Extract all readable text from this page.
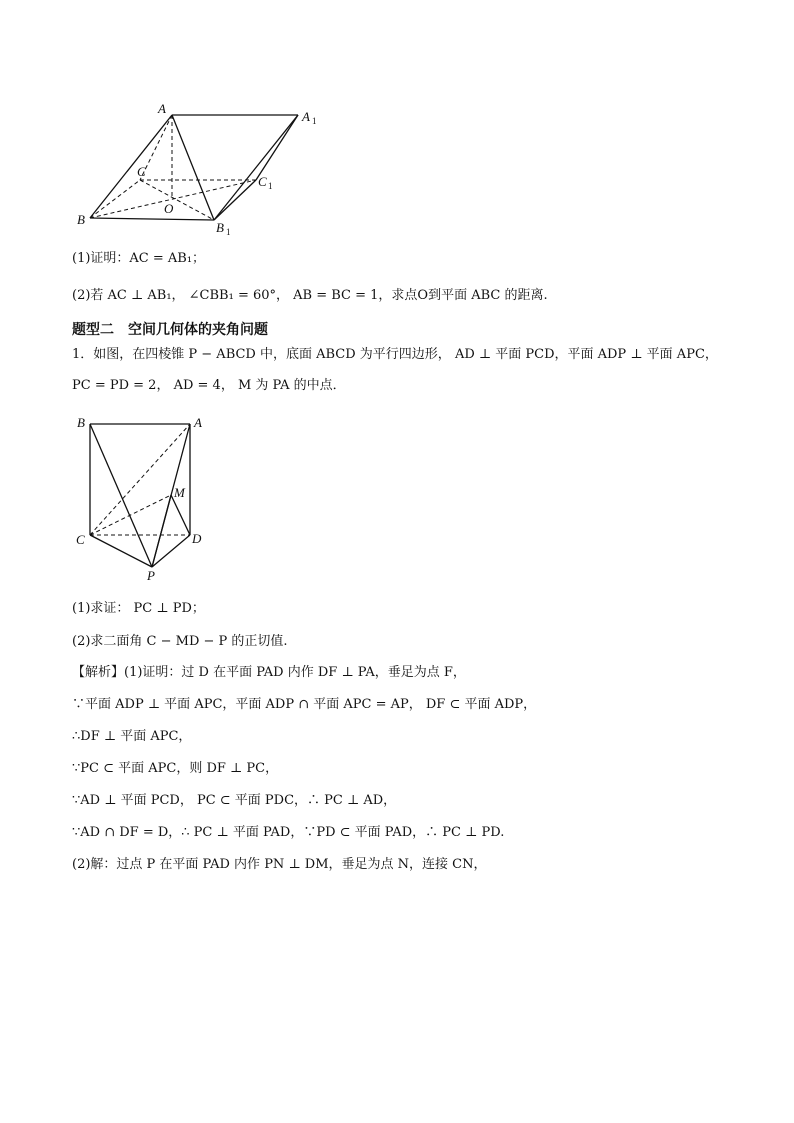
A
A 1
B
B 1
C
C 1
O
(1)证明：AC = AB₁；
(2)若 AC ⊥ AB₁， ∠CBB₁ = 60°， AB = BC = 1，求点O到平面 ABC 的距离.
题型二　空间几何体的夹角问题
1．如图，在四棱锥 P − ABCD 中，底面 ABCD 为平行四边形， AD ⊥ 平面 PCD，平面 ADP ⊥ 平面 APC，
PC = PD = 2， AD = 4， M 为 PA 的中点．
B	A
M
C	D
P
(1)求证： PC ⊥ PD；
(2)求二面角 C − MD − P 的正切值.
【解析】(1)证明：过 D 在平面 PAD 内作 DF ⊥ PA，垂足为点 F，
∵平面 ADP ⊥ 平面 APC，平面 ADP ∩ 平面 APC = AP， DF ⊂ 平面 ADP，
∴DF ⊥ 平面 APC，
∵PC ⊂ 平面 APC，则 DF ⊥ PC，
∵AD ⊥ 平面 PCD， PC ⊂ 平面 PDC，∴ PC ⊥ AD，
∵AD ∩ DF = D，∴ PC ⊥ 平面 PAD，∵PD ⊂ 平面 PAD，∴ PC ⊥ PD.
(2)解：过点 P 在平面 PAD 内作 PN ⊥ DM，垂足为点 N，连接 CN，
